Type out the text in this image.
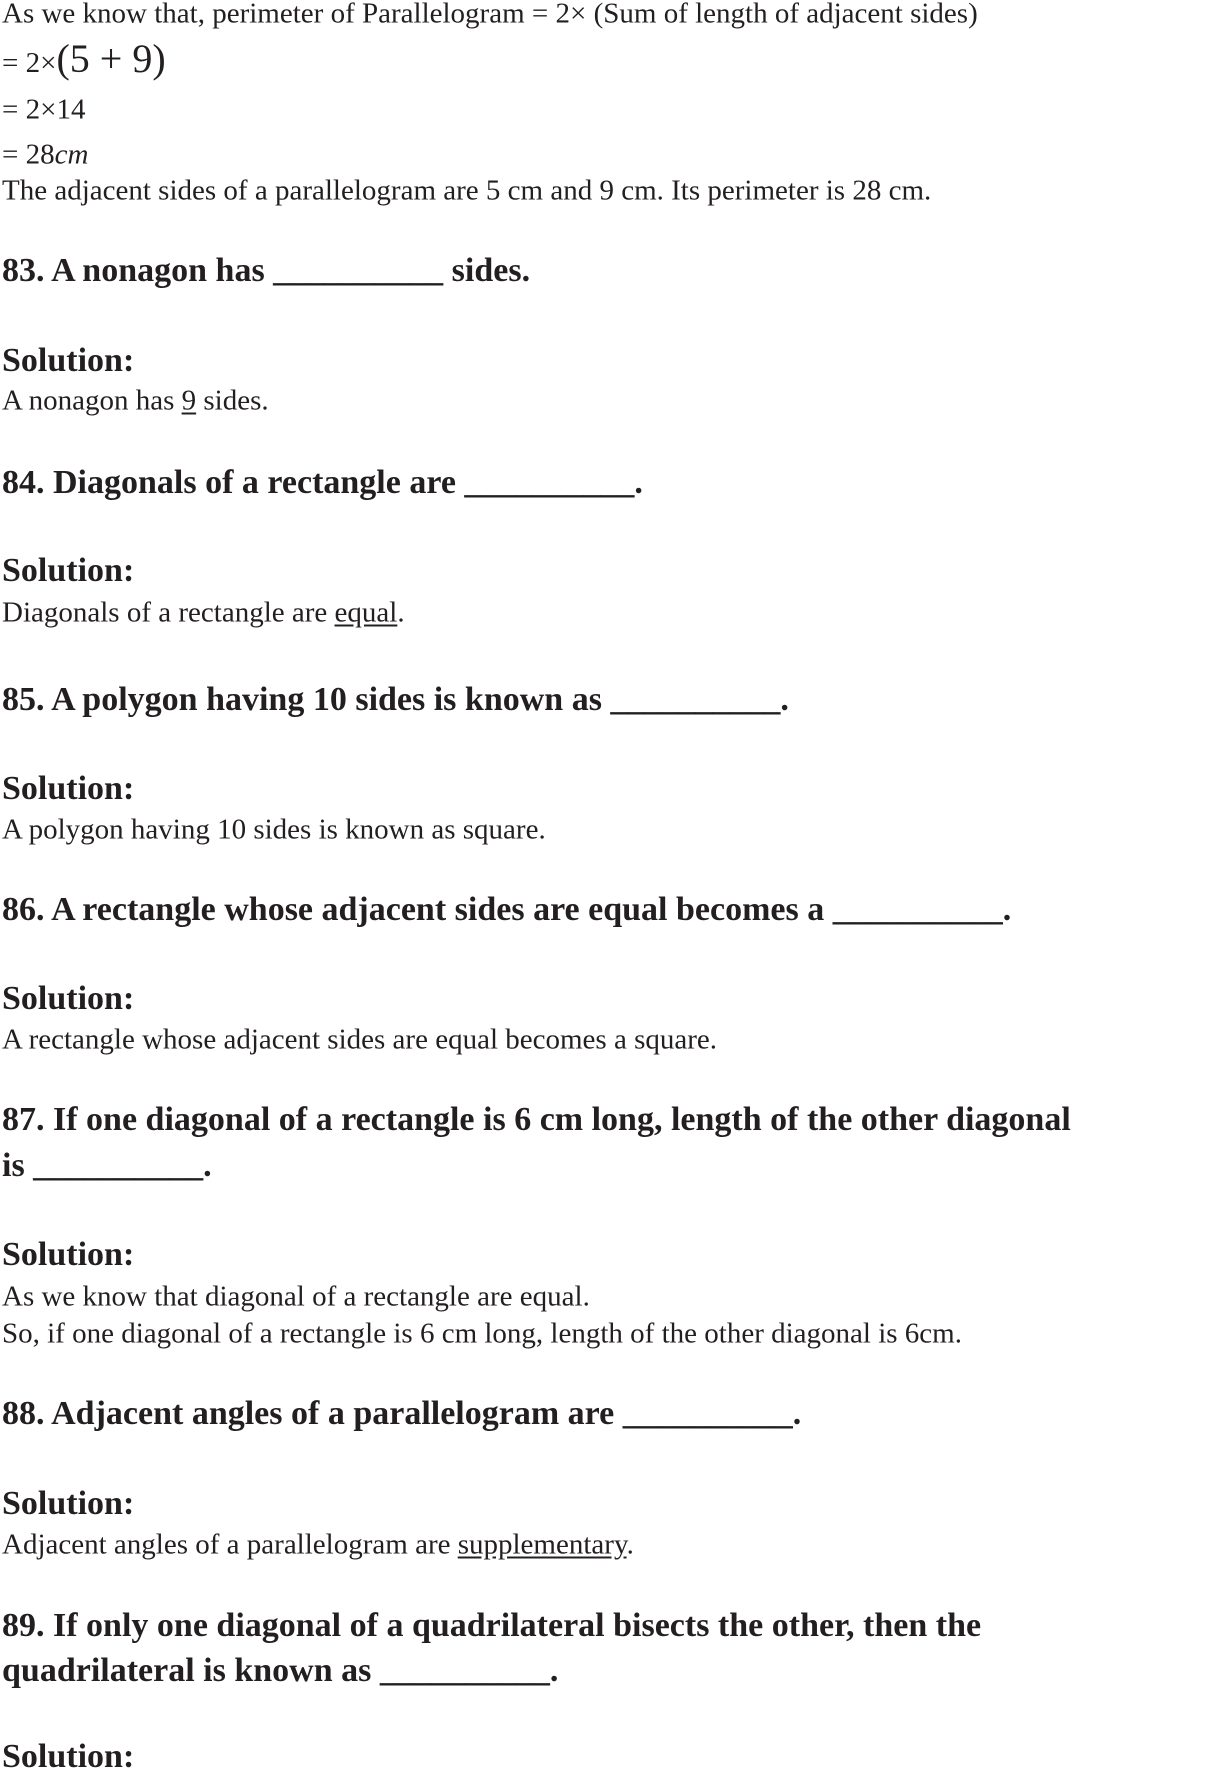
As we know that, perimeter of Parallelogram = 2× (Sum of length of adjacent sides)
= 2×(5 + 9)
= 2×14
= 28cm
The adjacent sides of a parallelogram are 5 cm and 9 cm. Its perimeter is 28 cm.
83. A nonagon has __________ sides.
Solution:
A nonagon has 9 sides.
84. Diagonals of a rectangle are __________.
Solution:
Diagonals of a rectangle are equal.
85. A polygon having 10 sides is known as __________.
Solution:
A polygon having 10 sides is known as square.
86. A rectangle whose adjacent sides are equal becomes a __________.
Solution:
A rectangle whose adjacent sides are equal becomes a square.
87. If one diagonal of a rectangle is 6 cm long, length of the other diagonal
is __________.
Solution:
As we know that diagonal of a rectangle are equal.
So, if one diagonal of a rectangle is 6 cm long, length of the other diagonal is 6cm.
88. Adjacent angles of a parallelogram are __________.
Solution:
Adjacent angles of a parallelogram are supplementary.
89. If only one diagonal of a quadrilateral bisects the other, then the
quadrilateral is known as __________.
Solution:
